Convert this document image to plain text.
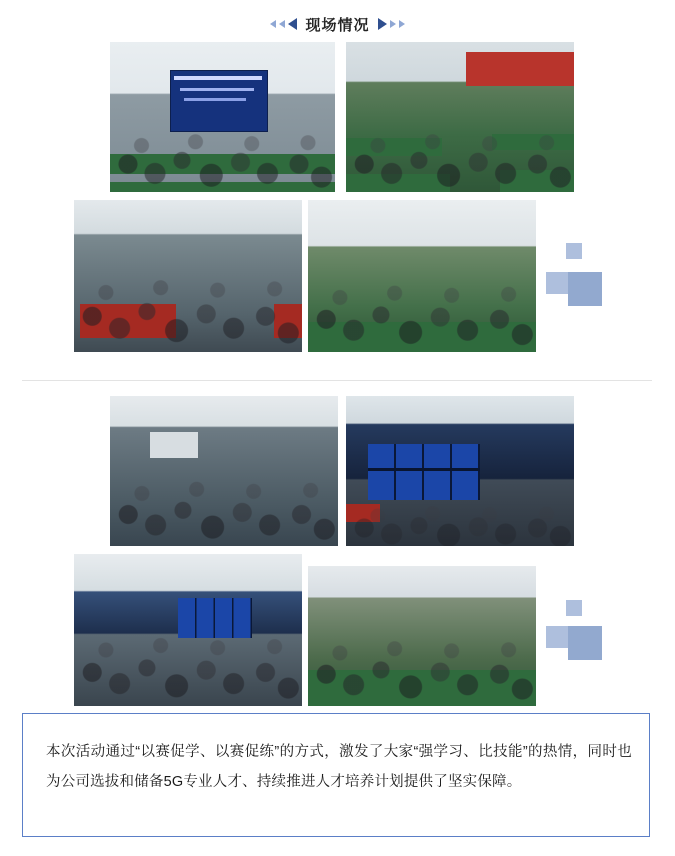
现场情况
本次活动通过“以赛促学、以赛促练”的方式，激发了大家“强学习、比技能”的热情，同时也为公司选拔和储备5G专业人才、持续推进人才培养计划提供了坚实保障。
